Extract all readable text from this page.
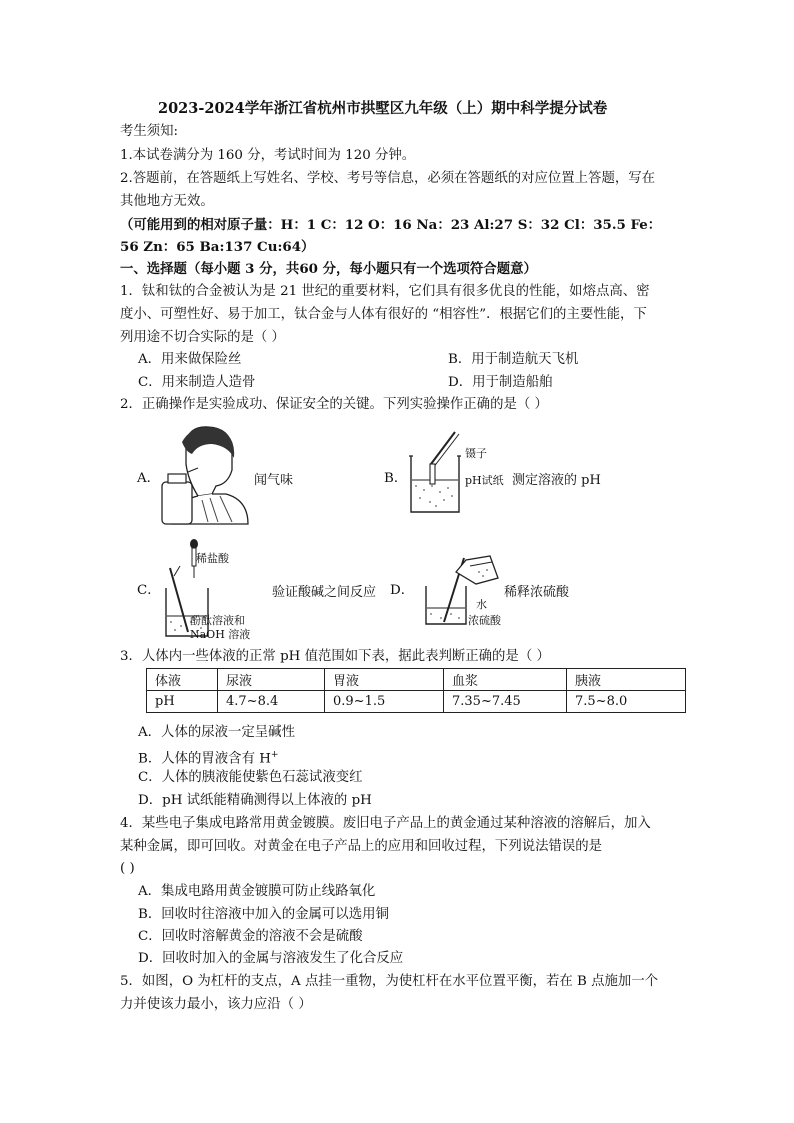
2023-2024学年浙江省杭州市拱墅区九年级（上）期中科学提分试卷
考生须知:
1.本试卷满分为 160 分，考试时间为 120 分钟。
2.答题前，在答题纸上写姓名、学校、考号等信息，必须在答题纸的对应位置上答题，写在
其他地方无效。
（可能用到的相对原子量：H：1 C：12 O：16 Na：23 Al:27 S：32 Cl：35.5 Fe：
56 Zn：65 Ba:137 Cu:64）
一、选择题（每小题 3 分，共60 分，每小题只有一个选项符合题意）
1．钛和钛的合金被认为是 21 世纪的重要材料，它们具有很多优良的性能，如熔点高、密
度小、可塑性好、易于加工，钛合金与人体有很好的 “相容性”．根据它们的主要性能，下
列用途不切合实际的是（ ）
A．用来做保险丝	B．用于制造航天飞机
C．用来制造人造骨	D．用于制造船舶
2．正确操作是实验成功、保证安全的关键。下列实验操作正确的是（ ）
A．	闻气味	B．
镊子
pH试纸 测定溶液的 pH
C．
稀盐酸
酚酞溶液和
NaOH 溶液
验证酸碱之间反应 D．
水
浓硫酸
稀释浓硫酸
3．人体内一些体液的正常 pH 值范围如下表，据此表判断正确的是（ ）
体液	尿液	胃液	血浆	胰液
pH	4.7~8.4	0.9~1.5	7.35~7.45	7.5~8.0
A．人体的尿液一定呈碱性
B．人体的胃液含有 H+
C．人体的胰液能使紫色石蕊试液变红
D．pH 试纸能精确测得以上体液的 pH
4．某些电子集成电路常用黄金镀膜。废旧电子产品上的黄金通过某种溶液的溶解后，加入
某种金属，即可回收。对黄金在电子产品上的应用和回收过程，下列说法错误的是
( )
A．集成电路用黄金镀膜可防止线路氧化
B．回收时往溶液中加入的金属可以选用铜
C．回收时溶解黄金的溶液不会是硫酸
D．回收时加入的金属与溶液发生了化合反应
5．如图，O 为杠杆的支点，A 点挂一重物，为使杠杆在水平位置平衡，若在 B 点施加一个
力并使该力最小，该力应沿（ ）
